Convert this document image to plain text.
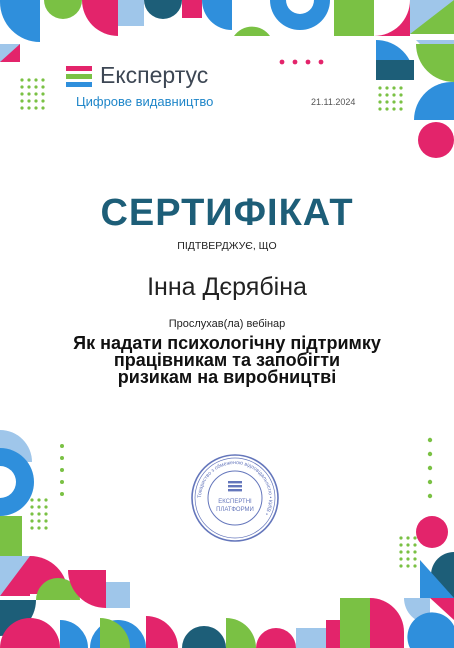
Експертус
Цифрове видавництво	21.11.2024
СЕРТИФІКАТ
ПІДТВЕРДЖУЄ, ЩО
Інна Дєрябіна
Прослухав(ла) вебінар
Як надати психологічну підтримку
працівникам та запобігти
ризикам на виробництві
Товариство з обмеженою відповідальністю • КИЇВ •
ЕКСПЕРТНІ
ПЛАТФОРМИ
